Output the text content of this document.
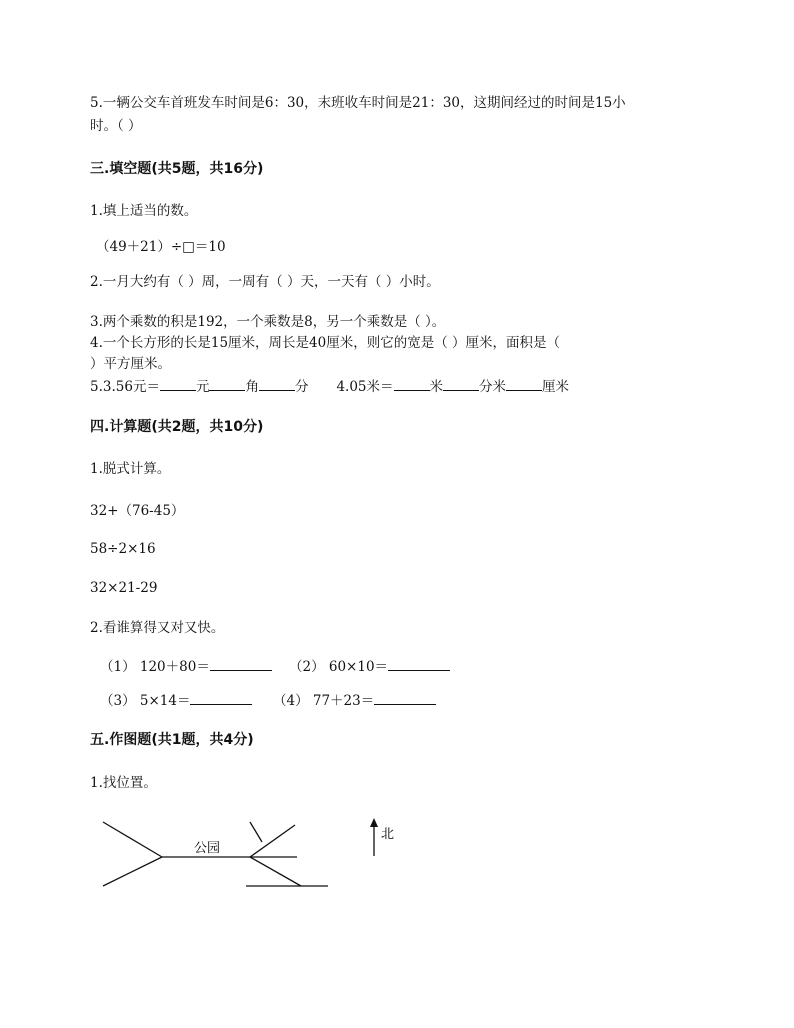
5.一辆公交车首班发车时间是6：30，末班收车时间是21：30，这期间经过的时间是15小
时。（ ）
三.填空题(共5题，共16分)
1.填上适当的数。
（49＋21）÷□＝10
2.一月大约有（ ）周，一周有（ ）天，一天有（ ）小时。
3.两个乘数的积是192，一个乘数是8，另一个乘数是（ ）。
4.一个长方形的长是15厘米，周长是40厘米，则它的宽是（ ）厘米，面积是（
）平方厘米。
5.3.56元＝	元	角	分 4.05米＝	米	分米	厘米
四.计算题(共2题，共10分)
1.脱式计算。
32+（76-45）
58÷2×16
32×21-29
2.看谁算得又对又快。
（1） 120＋80＝	（2） 60×10＝
（3） 5×14＝	（4） 77＋23＝
五.作图题(共1题，共4分)
1.找位置。
公园
北
